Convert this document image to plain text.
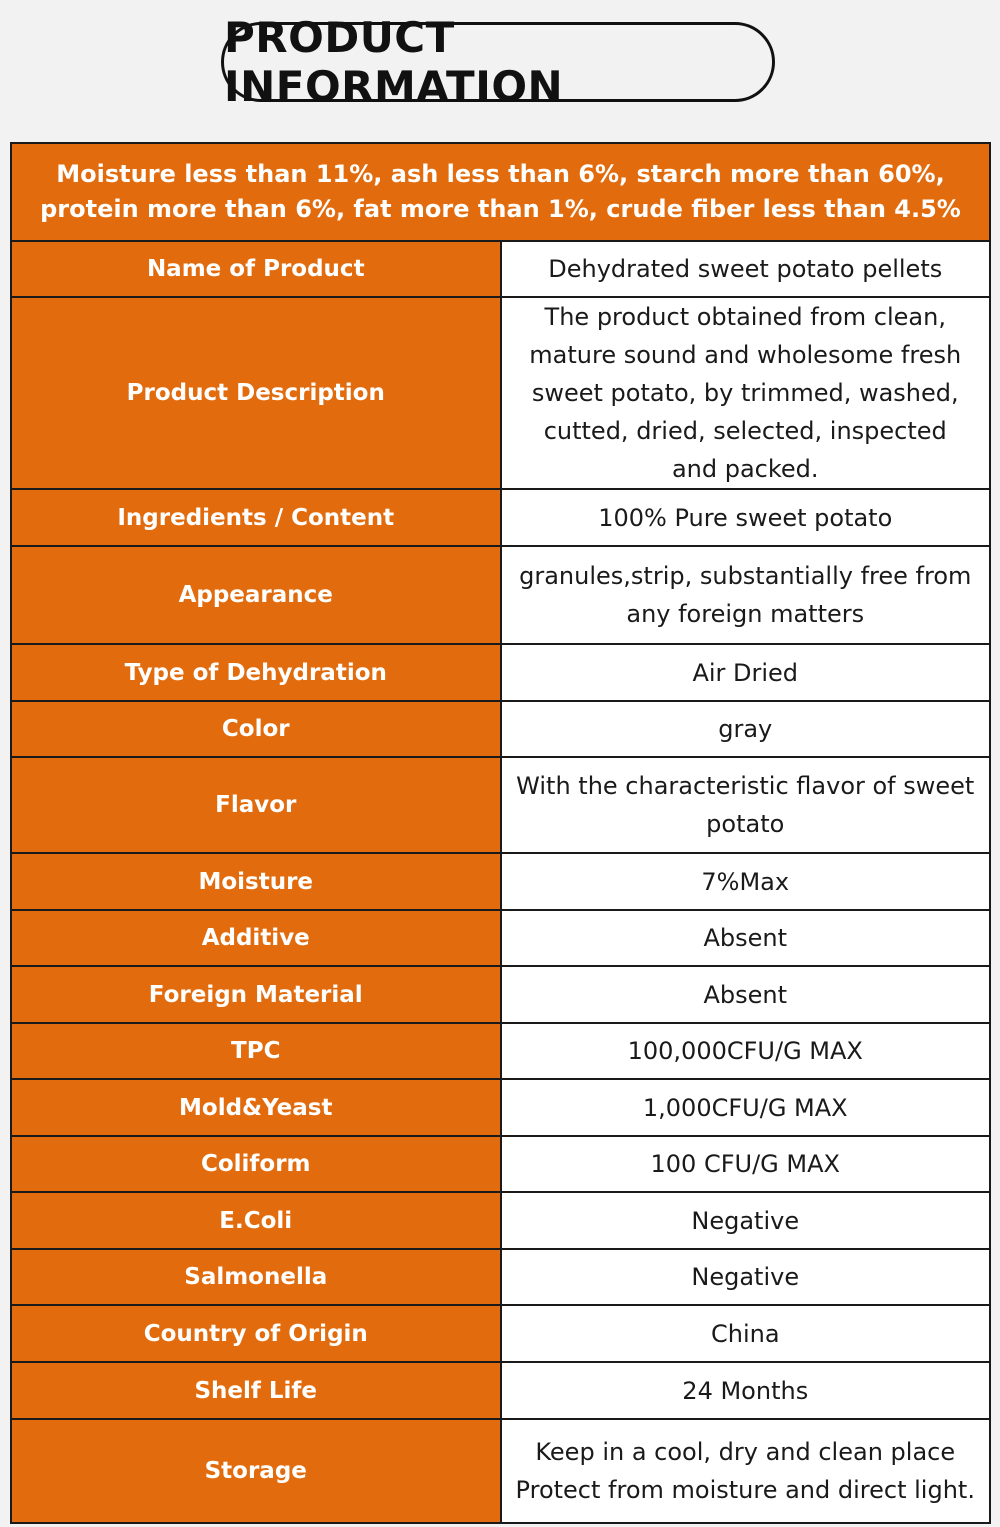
PRODUCT INFORMATION
Moisture less than 11%, ash less than 6%, starch more than 60%, protein more than 6%, fat more than 1%, crude fiber less than 4.5%	
Name of Product	Dehydrated sweet potato pellets
Product Description	The product obtained from clean, mature sound and wholesome fresh sweet potato, by trimmed, washed, cutted, dried, selected, inspected and packed.
Ingredients / Content	100% Pure sweet potato
Appearance	granules,strip, substantially free from any foreign matters
Type of Dehydration	Air Dried
Color	gray
Flavor	With the characteristic flavor of sweet potato
Moisture	7%Max
Additive	Absent
Foreign Material	Absent
TPC	100,000CFU/G MAX
Mold&Yeast	1,000CFU/G MAX
Coliform	100 CFU/G MAX
E.Coli	Negative
Salmonella	Negative
Country of Origin	China
Shelf Life	24 Months
Storage	Keep in a cool, dry and clean place
Protect from moisture and direct light.
